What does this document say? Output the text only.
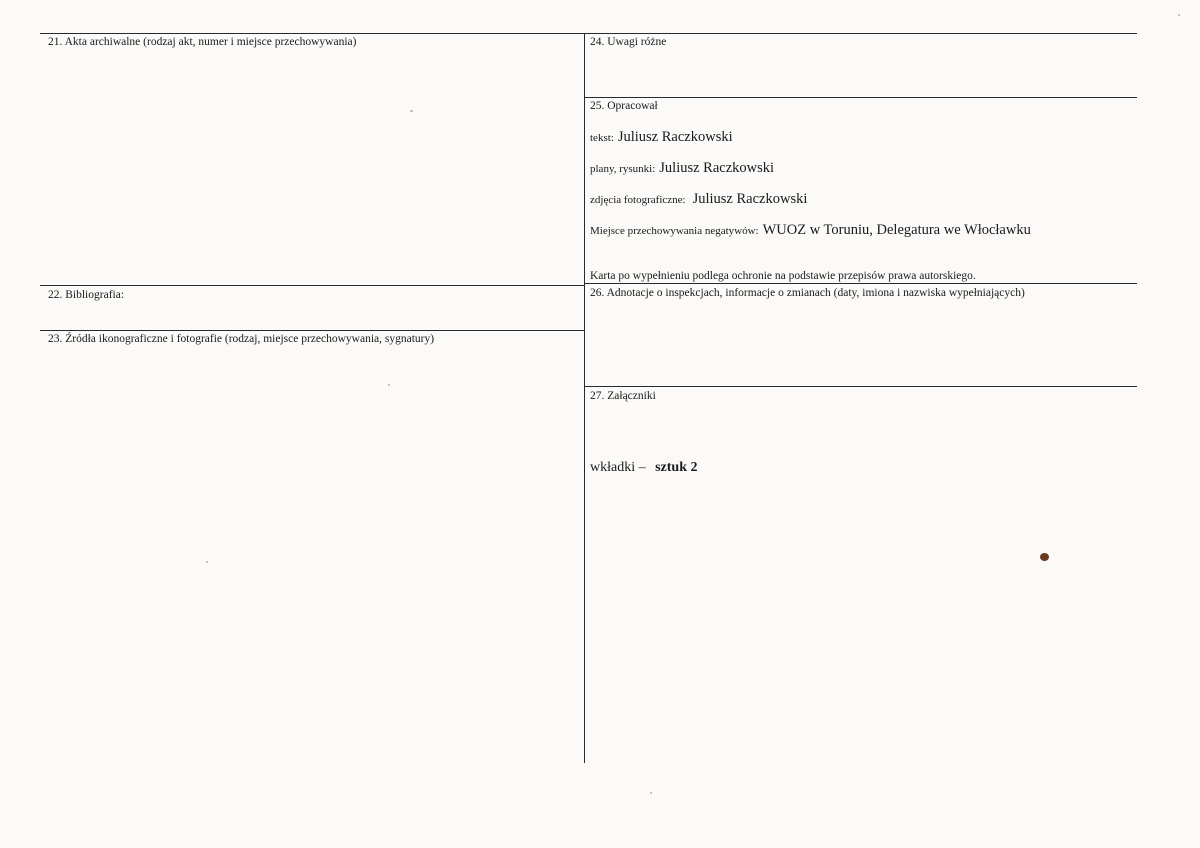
21. Akta archiwalne (rodzaj akt, numer i miejsce przechowywania)
22. Bibliografia:
23. Źródła ikonograficzne i fotografie (rodzaj, miejsce przechowywania, sygnatury)
24. Uwagi różne
25. Opracował
tekst: Juliusz Raczkowski
plany, rysunki: Juliusz Raczkowski
zdjęcia fotograficzne: Juliusz Raczkowski
Miejsce przechowywania negatywów: WUOZ w Toruniu, Delegatura we Włocławku
Karta po wypełnieniu podlega ochronie na podstawie przepisów prawa autorskiego.
26. Adnotacje o inspekcjach, informacje o zmianach (daty, imiona i nazwiska wypełniających)
27. Załączniki
wkładki – sztuk 2
